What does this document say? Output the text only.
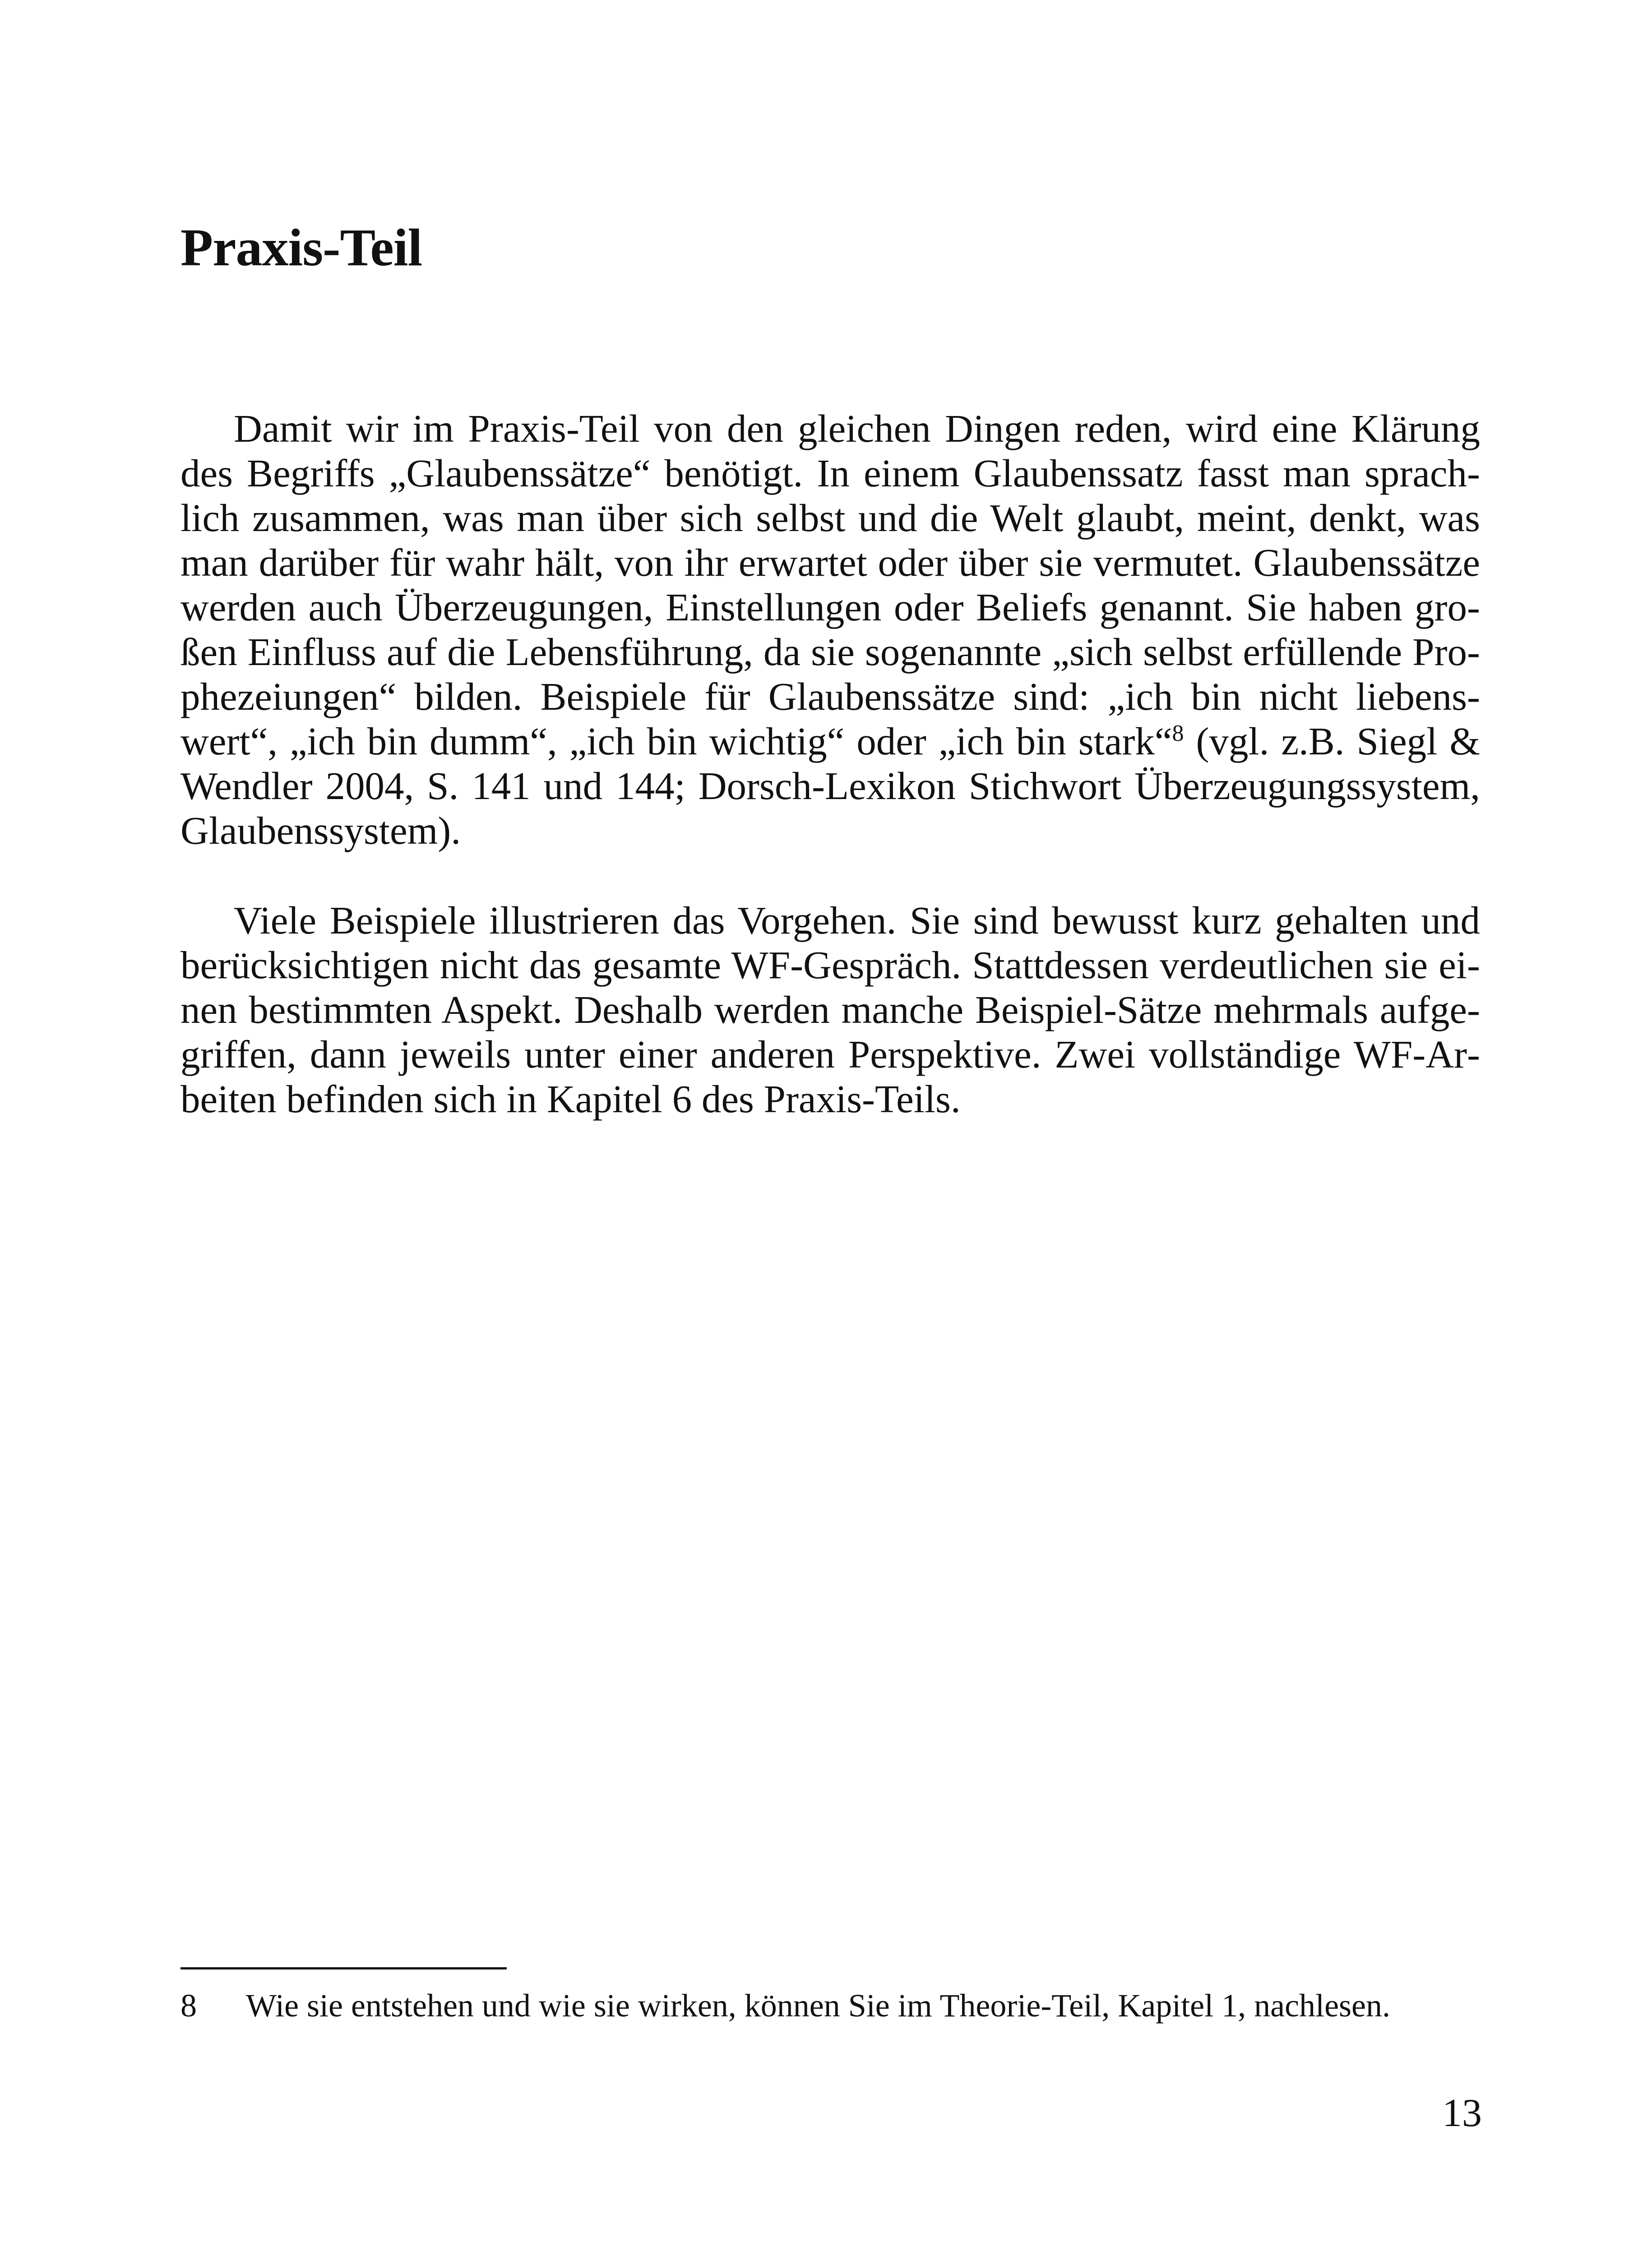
Praxis-Teil

Damit wir im Praxis-Teil von den gleichen Dingen reden, wird eine Klärung des Begriffs „Glaubenssätze“ benötigt. In einem Glaubenssatz fasst man sprachlich zusammen, was man über sich selbst und die Welt glaubt, meint, denkt, was man darüber für wahr hält, von ihr erwartet oder über sie vermutet. Glaubenssätze werden auch Überzeugungen, Einstellungen oder Beliefs genannt. Sie haben großen Einfluss auf die Lebensführung, da sie sogenannte „sich selbst erfüllende Prophezeiungen“ bilden. Beispiele für Glaubenssätze sind: „ich bin nicht liebenswert“, „ich bin dumm“, „ich bin wichtig“ oder „ich bin stark“$^8$ (vgl. z.B. Siegl & Wendler 2004, S. 141 und 144; Dorsch-Lexikon Stichwort Überzeugungssystem, Glaubenssystem).

Viele Beispiele illustrieren das Vorgehen. Sie sind bewusst kurz gehalten und berücksichtigen nicht das gesamte WF-Gespräch. Stattdessen verdeutlichen sie einen bestimmten Aspekt. Deshalb werden manche Beispiel-Sätze mehrmals aufgegriffen, dann jeweils unter einer anderen Perspektive. Zwei vollständige WF-Arbeiten befinden sich in Kapitel 6 des Praxis-Teils.

8 Wie sie entstehen und wie sie wirken, können Sie im Theorie-Teil, Kapitel 1, nachlesen.
13
